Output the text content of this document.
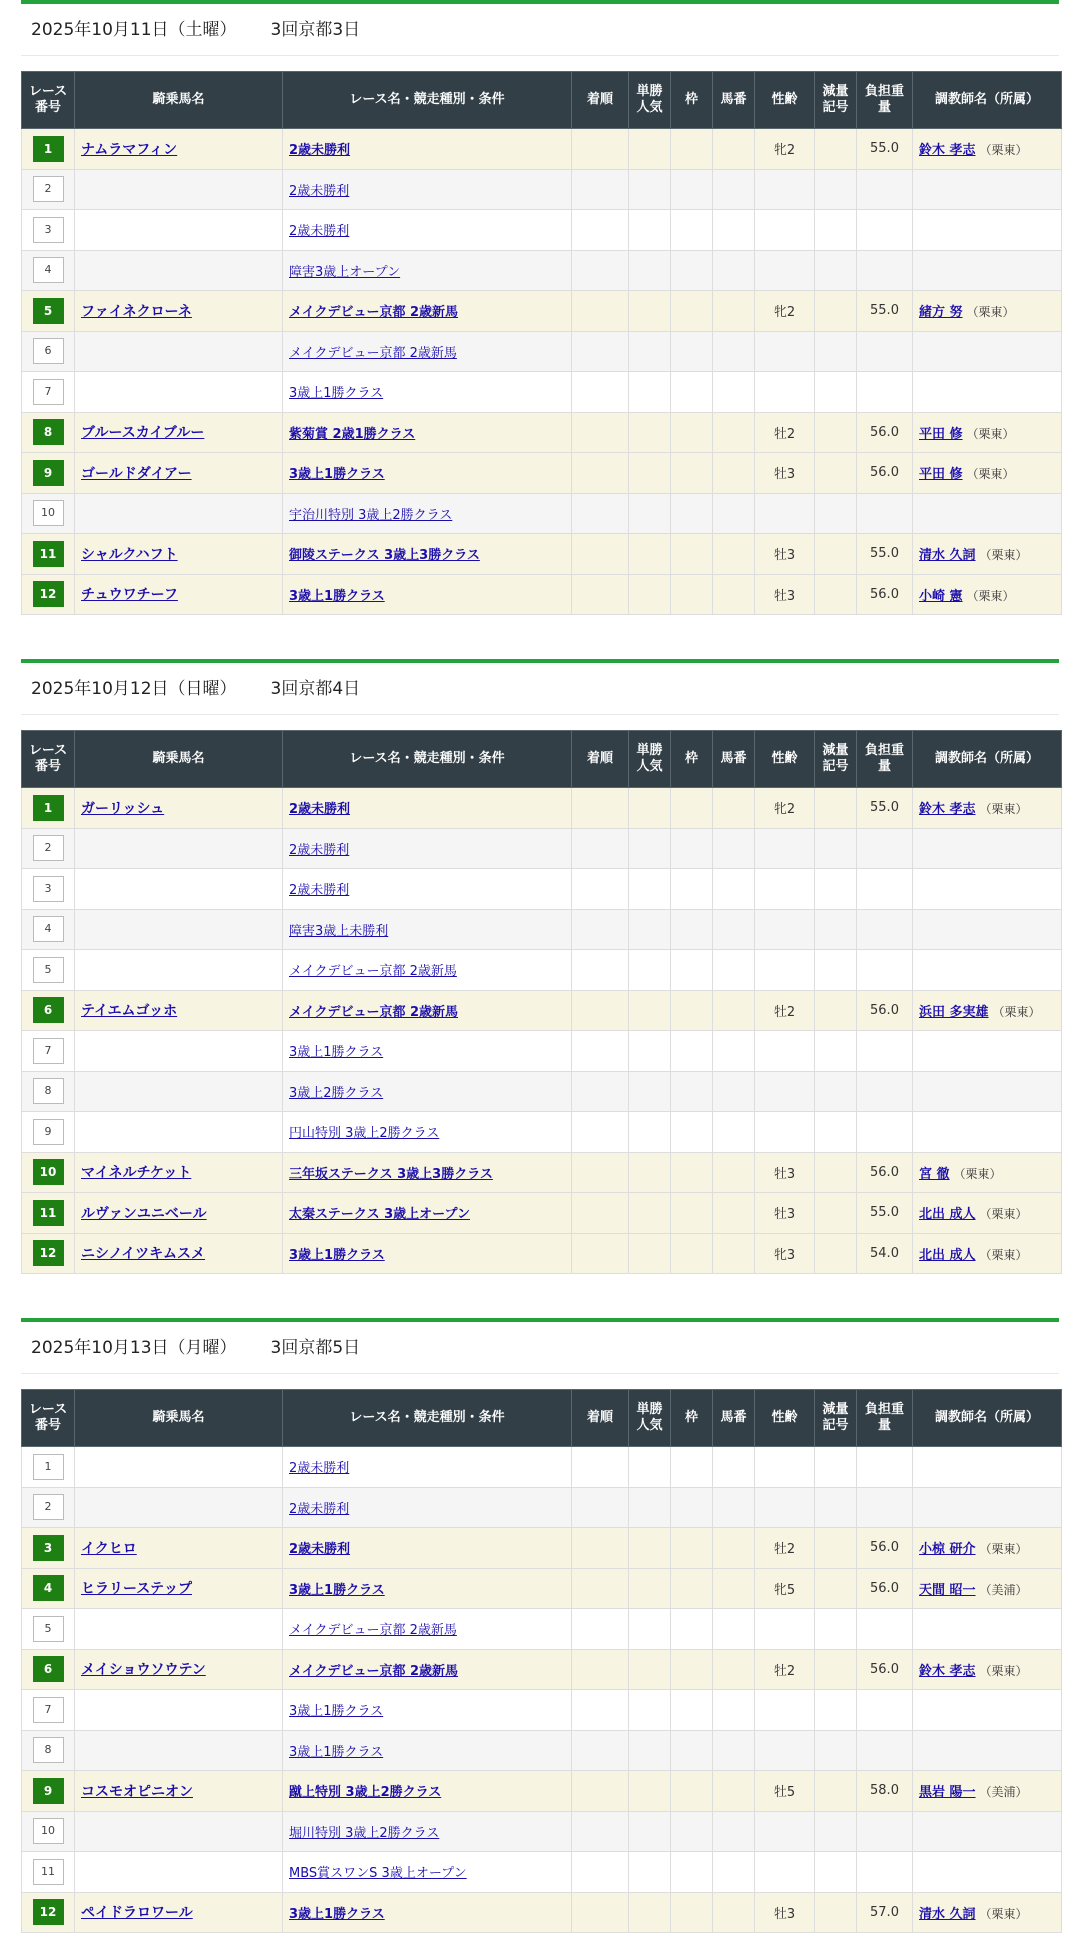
2025年10月11日（土曜） 3回京都3日
レース番号	騎乗馬名	レース名・競走種別・条件	着順	単勝人気	枠	馬番	性齢	減量記号	負担重量	調教師名（所属）
1	ナムラマフィン	2歳未勝利					牝2		55.0	鈴木 孝志 （栗東）
2		2歳未勝利								
3		2歳未勝利								
4		障害3歳上オープン								
5	ファイネクローネ	メイクデビュー京都 2歳新馬					牝2		55.0	緒方 努 （栗東）
6		メイクデビュー京都 2歳新馬								
7		3歳上1勝クラス								
8	ブルースカイブルー	紫菊賞 2歳1勝クラス					牡2		56.0	平田 修 （栗東）
9	ゴールドダイアー	3歳上1勝クラス					牡3		56.0	平田 修 （栗東）
10		宇治川特別 3歳上2勝クラス								
11	シャルクハフト	御陵ステークス 3歳上3勝クラス					牡3		55.0	清水 久詞 （栗東）
12	チュウワチーフ	3歳上1勝クラス					牡3		56.0	小崎 憲 （栗東）
2025年10月12日（日曜） 3回京都4日
レース番号	騎乗馬名	レース名・競走種別・条件	着順	単勝人気	枠	馬番	性齢	減量記号	負担重量	調教師名（所属）
1	ガーリッシュ	2歳未勝利					牝2		55.0	鈴木 孝志 （栗東）
2		2歳未勝利								
3		2歳未勝利								
4		障害3歳上未勝利								
5		メイクデビュー京都 2歳新馬								
6	テイエムゴッホ	メイクデビュー京都 2歳新馬					牡2		56.0	浜田 多実雄 （栗東）
7		3歳上1勝クラス								
8		3歳上2勝クラス								
9		円山特別 3歳上2勝クラス								
10	マイネルチケット	三年坂ステークス 3歳上3勝クラス					牡3		56.0	宮 徹 （栗東）
11	ルヴァンユニベール	太秦ステークス 3歳上オープン					牡3		55.0	北出 成人 （栗東）
12	ニシノイツキムスメ	3歳上1勝クラス					牝3		54.0	北出 成人 （栗東）
2025年10月13日（月曜） 3回京都5日
レース番号	騎乗馬名	レース名・競走種別・条件	着順	単勝人気	枠	馬番	性齢	減量記号	負担重量	調教師名（所属）
1		2歳未勝利								
2		2歳未勝利								
3	イクヒロ	2歳未勝利					牡2		56.0	小椋 研介 （栗東）
4	ヒラリーステップ	3歳上1勝クラス					牝5		56.0	天間 昭一 （美浦）
5		メイクデビュー京都 2歳新馬								
6	メイショウソウテン	メイクデビュー京都 2歳新馬					牡2		56.0	鈴木 孝志 （栗東）
7		3歳上1勝クラス								
8		3歳上1勝クラス								
9	コスモオピニオン	蹴上特別 3歳上2勝クラス					牡5		58.0	黒岩 陽一 （美浦）
10		堀川特別 3歳上2勝クラス								
11		MBS賞スワンS 3歳上オープン								
12	ペイドラロワール	3歳上1勝クラス					牡3		57.0	清水 久詞 （栗東）
